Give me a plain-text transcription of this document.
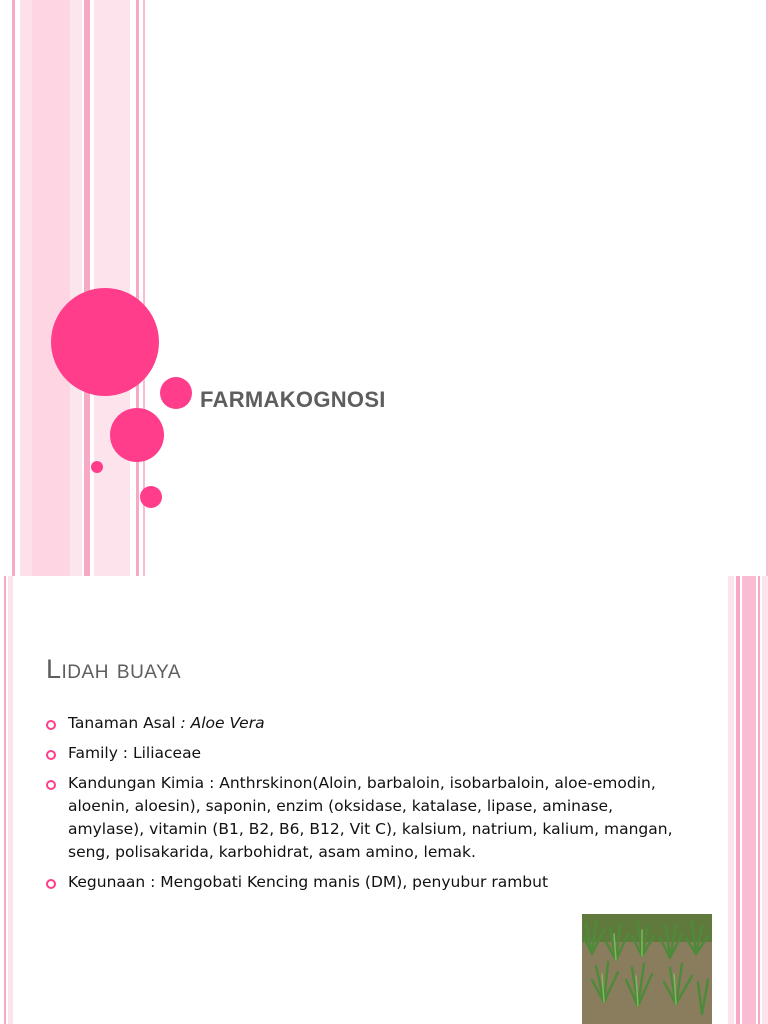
FARMAKOGNOSI
Lidah buaya
Tanaman Asal : Aloe Vera
Family : Liliaceae
Kandungan Kimia : Anthrskinon(Aloin, barbaloin, isobarbaloin, aloe-emodin, aloenin, aloesin), saponin, enzim (oksidase, katalase, lipase, aminase, amylase), vitamin (B1, B2, B6, B12, Vit C), kalsium, natrium, kalium, mangan, seng, polisakarida, karbohidrat, asam amino, lemak.
Kegunaan : Mengobati Kencing manis (DM), penyubur rambut
